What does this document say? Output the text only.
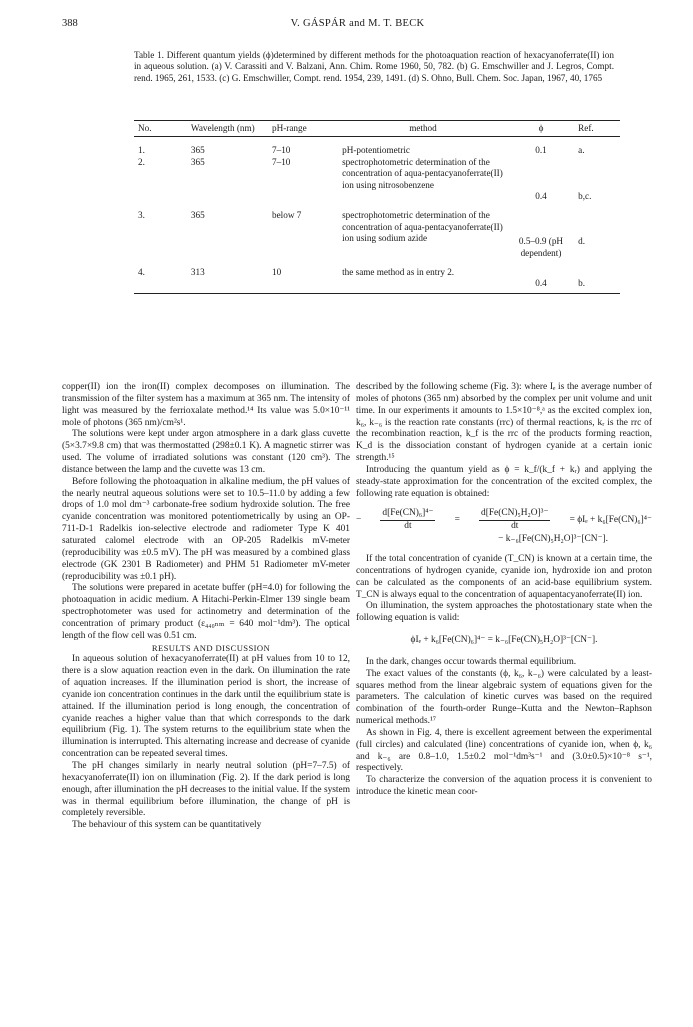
388	V. GÁSPÁR and M. T. BECK
Table 1. Different quantum yields (ϕ)determined by different methods for the photoaquation reaction of hexacyanoferrate(II) ion in aqueous solution. (a) V. Carassiti and V. Balzani, Ann. Chim. Rome 1960, 50, 782. (b) G. Emschwiller and J. Legros, Compt. rend. 1965, 261, 1533. (c) G. Emschwiller, Compt. rend. 1954, 239, 1491. (d) S. Ohno, Bull. Chem. Soc. Japan, 1967, 40, 1765
No.	Wavelength (nm)	pH-range	method	ϕ	Ref.
1.	365	7–10	pH-potentiometric	0.1	a.
2.	365	7–10	spectrophotometric determination of the concentration of aqua-pentacyanoferrate(II) ion using nitrosobenzene	0.4	b,c.
3.	365	below 7	spectrophotometric determination of the concentration of aqua-pentacyanoferrate(II) ion using sodium azide	0.5–0.9 (pH dependent)	d.
4.	313	10	the same method as in entry 2.	0.4	b.

copper(II) ion the iron(II) complex decomposes on illumination. The transmission of the filter system has a maximum at 365 nm. The intensity of light was measured by the ferrioxalate method.¹⁴ Its value was 5.0×10⁻¹¹ mole of photons (365 nm)/cm²s¹.

The solutions were kept under argon atmosphere in a dark glass cuvette (5×3.7×9.8 cm) that was thermostatted (298±0.1 K). A magnetic stirrer was used. The volume of irradiated solutions was constant (120 cm³). The distance between the lamp and the cuvette was 13 cm.

Before following the photoaquation in alkaline medium, the pH values of the nearly neutral aqueous solutions were set to 10.5–11.0 by adding a few drops of 1.0 mol dm⁻³ carbonate-free sodium hydroxide solution. The free cyanide concentration was monitored potentiometrically by using an OP-711-D-1 Radelkis ion-selective electrode and radiometer Type K 401 saturated calomel electrode with an OP-205 Radelkis mV-meter (reproducibility was ±0.5 mV). The pH was measured by a combined glass electrode (GK 2301 B Radiometer) and PHM 51 Radiometer mV-meter (reproducibility was ±0.1 pH).

The solutions were prepared in acetate buffer (pH=4.0) for following the photoaquation in acidic medium. A Hitachi-Perkin-Elmer 139 single beam spectrophotometer was used for actinometry and determination of the concentration of primary product (ε₄₄₀ₙₘ = 640 mol⁻¹dm³). The optical length of the flow cell was 0.51 cm.

RESULTS AND DISCUSSION

In aqueous solution of hexacyanoferrate(II) at pH values from 10 to 12, there is a slow aquation reaction even in the dark. On illumination the rate of aquation increases. If the illumination period is short, the increase of cyanide ion concentration continues in the dark until the equilibrium state is attained. If the illumination period is long enough, the concentration of cyanide reaches a higher value than that which corresponds to the dark equilibrium (Fig. 1). The system returns to the equilibrium state when the illumination is interrupted. This alternating increase and decrease of cyanide concentration can be repeated several times.

The pH changes similarly in nearly neutral solution (pH=7–7.5) of hexacyanoferrate(II) ion on illumination (Fig. 2). If the dark period is long enough, after illumination the pH decreases to the initial value. If the system was in thermal equilibrium before illumination, the change of pH is completely reversible.

The behaviour of this system can be quantitatively

described by the following scheme (Fig. 3): where Iₑ is the average number of moles of photons (365 nm) absorbed by the complex per unit volume and unit time. In our experiments it amounts to 1.5×10⁻⁸,ᵃ as the excited complex ion, k₆, k₋₆ is the reaction rate constants (rrc) of thermal reactions, kᵣ is the rrc of the recombination reaction, k_f is the rrc of the products forming reaction, K_d is the dissociation constant of hydrogen cyanide at a certain ionic strength.¹⁵

Introducing the quantum yield as ϕ = k_f/(k_f + kᵣ) and applying the steady-state approximation for the concentration of the excited complex, the following rate equation is obtained:

− $\frac{\text{d[Fe(CN)₆]⁴⁻}}{dt} = \frac{\text{d[Fe(CN)₅H₂O]³⁻}}{dt} = \phi I_e + k_6[Fe(CN)_6]^{4-}$
− k₋₆[Fe(CN)₅H₂O]³⁻[CN⁻].

If the total concentration of cyanide (T_CN) is known at a certain time, the concentrations of hydrogen cyanide, cyanide ion, hydroxide ion and proton can be calculated as the components of an acid-base equilibrium system. T_CN is always equal to the concentration of aquapentacyanoferrate(II) ion.

On illumination, the system approaches the photostationary state when the following equation is valid:

ϕIₑ + k₆[Fe(CN)₆]⁴⁻ = k₋₆[Fe(CN)₅H₂O]³⁻[CN⁻].

In the dark, changes occur towards thermal equilibrium.

The exact values of the constants (ϕ, k₆, k₋₆) were calculated by a least-squares method from the linear algebraic system of equations given for the parameters. The calculation of kinetic curves was based on the required combination of the fourth-order Runge–Kutta and the Newton–Raphson numerical methods.¹⁷

As shown in Fig. 4, there is excellent agreement between the experimental (full circles) and calculated (line) concentrations of cyanide ion, when ϕ, k₆ and k₋₆ are 0.8–1.0, 1.5±0.2 mol⁻¹dm³s⁻¹ and (3.0±0.5)×10⁻⁸ s⁻¹, respectively.

To characterize the conversion of the aquation process it is convenient to introduce the kinetic mean coor-
